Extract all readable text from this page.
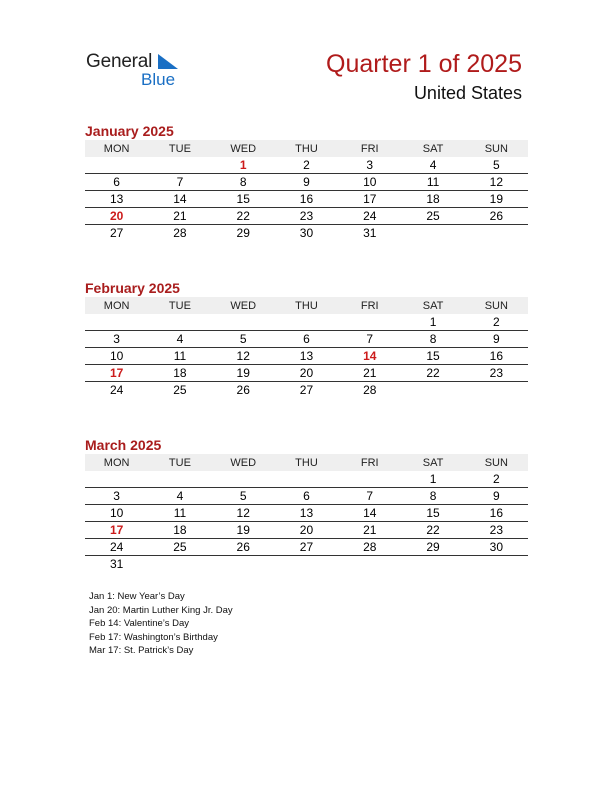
General
Blue
Quarter 1 of 2025
United States
January 2025
MON	TUE	WED	THU	FRI	SAT	SUN
		1	2	3	4	5
6	7	8	9	10	11	12
13	14	15	16	17	18	19
20	21	22	23	24	25	26
27	28	29	30	31		
February 2025
MON	TUE	WED	THU	FRI	SAT	SUN
					1	2
3	4	5	6	7	8	9
10	11	12	13	14	15	16
17	18	19	20	21	22	23
24	25	26	27	28		
March 2025
MON	TUE	WED	THU	FRI	SAT	SUN
					1	2
3	4	5	6	7	8	9
10	11	12	13	14	15	16
17	18	19	20	21	22	23
24	25	26	27	28	29	30
31						
Jan 1: New Year’s Day
Jan 20: Martin Luther King Jr. Day
Feb 14: Valentine’s Day
Feb 17: Washington’s Birthday
Mar 17: St. Patrick’s Day
